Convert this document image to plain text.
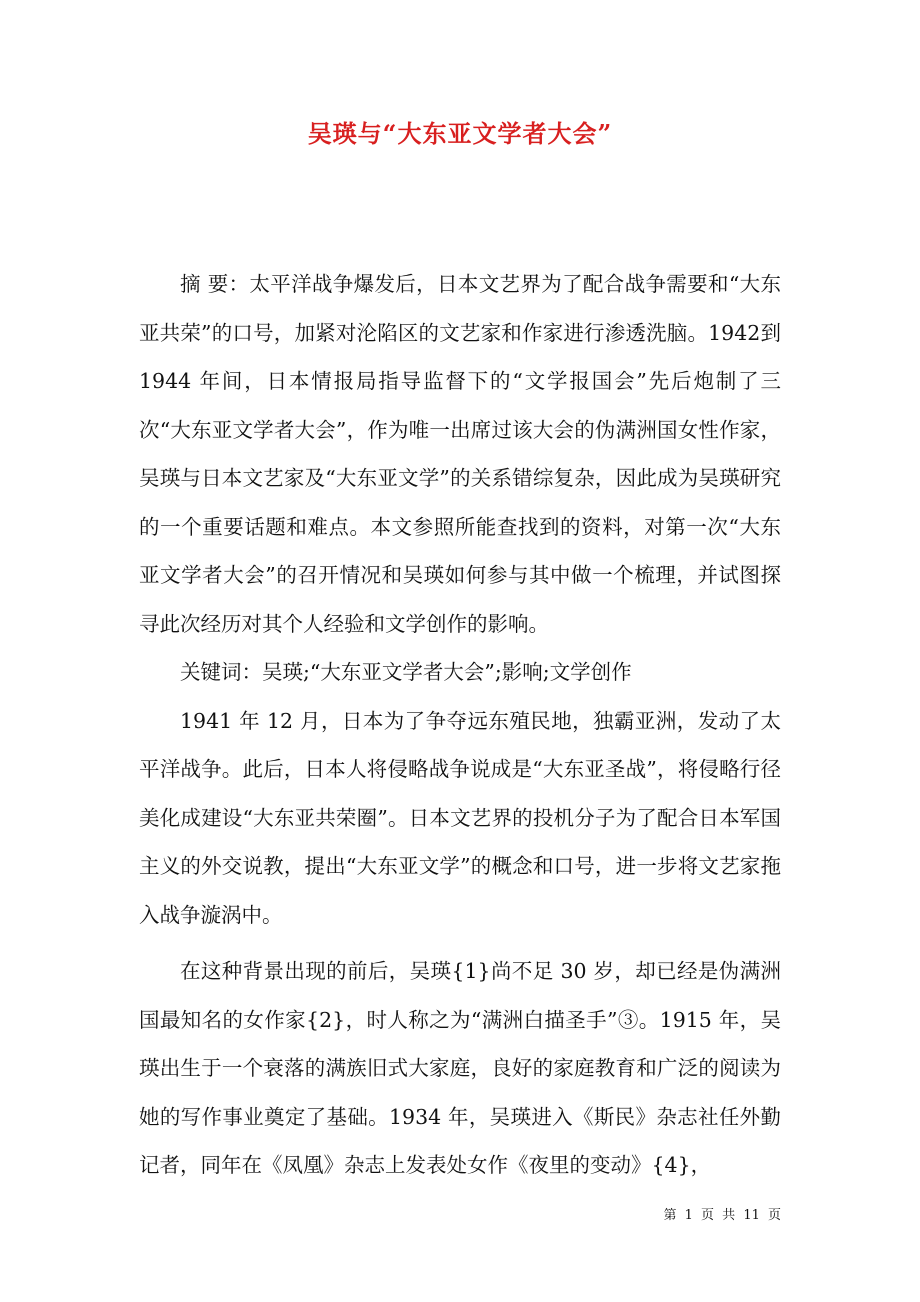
吴瑛与“大东亚文学者大会”

摘 要：太平洋战争爆发后，日本文艺界为了配合战争需要和“大东亚共荣”的口号，加紧对沦陷区的文艺家和作家进行渗透洗脑。1942到 1944 年间，日本情报局指导监督下的“文学报国会”先后炮制了三次“大东亚文学者大会”，作为唯一出席过该大会的伪满洲国女性作家，吴瑛与日本文艺家及“大东亚文学”的关系错综复杂，因此成为吴瑛研究的一个重要话题和难点。本文参照所能查找到的资料，对第一次“大东亚文学者大会”的召开情况和吴瑛如何参与其中做一个梳理，并试图探寻此次经历对其个人经验和文学创作的影响。

关键词：吴瑛;“大东亚文学者大会”;影响;文学创作

1941 年 12 月，日本为了争夺远东殖民地，独霸亚洲，发动了太平洋战争。此后，日本人将侵略战争说成是“大东亚圣战”，将侵略行径美化成建设“大东亚共荣圈”。日本文艺界的投机分子为了配合日本军国主义的外交说教，提出“大东亚文学”的概念和口号，进一步将文艺家拖入战争漩涡中。

在这种背景出现的前后，吴瑛{1}尚不足 30 岁，却已经是伪满洲国最知名的女作家{2}，时人称之为“满洲白描圣手”③。1915 年，吴瑛出生于一个衰落的满族旧式大家庭，良好的家庭教育和广泛的阅读为她的写作事业奠定了基础。1934 年，吴瑛进入《斯民》杂志社任外勤记者，同年在《凤凰》杂志上发表处女作《夜里的变动》{4}，

第 1 页 共 11 页
